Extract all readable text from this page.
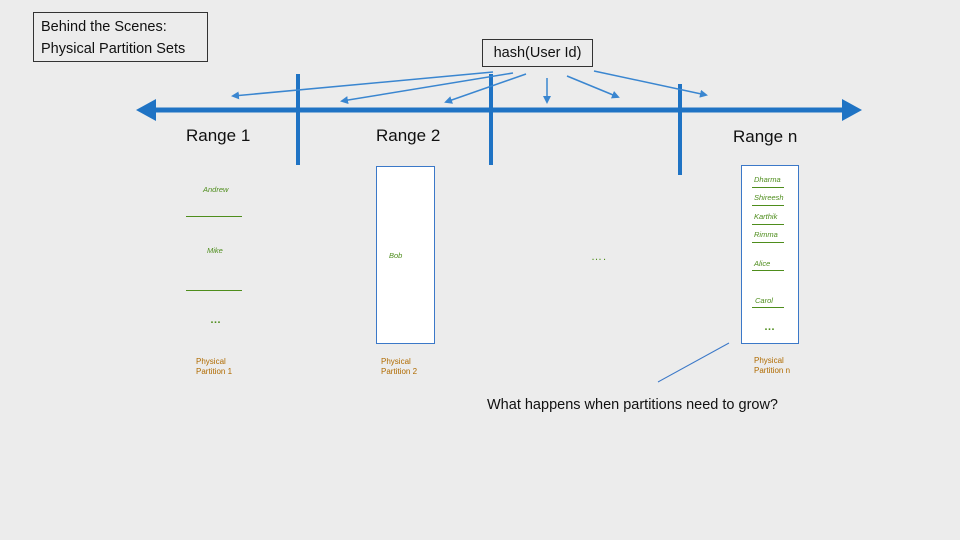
Behind the Scenes:
Physical Partition Sets	hash(User Id)
Range 1	Range 2	Range n
Andrew
Mike
…
Physical
Partition 1
Bob
Physical
Partition 2
….
Dharma
Shireesh
Karthik
Rimma
Alice
Carol
…
Physical
Partition n
What happens when partitions need to grow?
